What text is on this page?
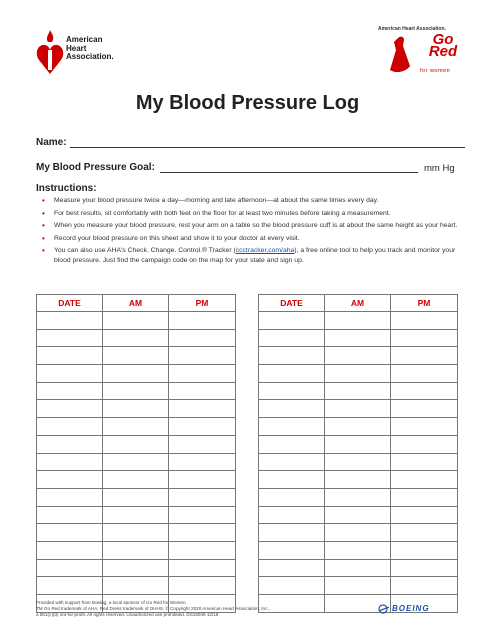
American
Heart
Association.
American Heart Association.
Go Red
for women
My Blood Pressure Log
Name:
My Blood Pressure Goal:	mm Hg
Instructions:
• Measure your blood pressure twice a day—morning and late afternoon—at about the same times every day.
• For best results, sit comfortably with both feet on the floor for at least two minutes before taking a measurement.
• When you measure your blood pressure, rest your arm on a table so the blood pressure cuff is at about the same height as your heart.
• Record your blood pressure on this sheet and show it to your doctor at every visit.
• You can also use AHA's Check. Change. Control.® Tracker (ccctracker.com/aha), a free online tool to help you track and monitor your blood pressure. Just find the campaign code on the map for your state and sign up.
DATE	AM	PM

			DATE	AM	PM

Provided with support from Boeing, a local sponsor of Go Red for Women.
TM Go Red trademark of AHA, Red Dress trademark of DHHS. © Copyright 2020 American Heart Association, Inc.,
a 501(c)(3) not-for-profit. All rights reserved. Unauthorized use prohibited. DS15049 12/19
BOEING
